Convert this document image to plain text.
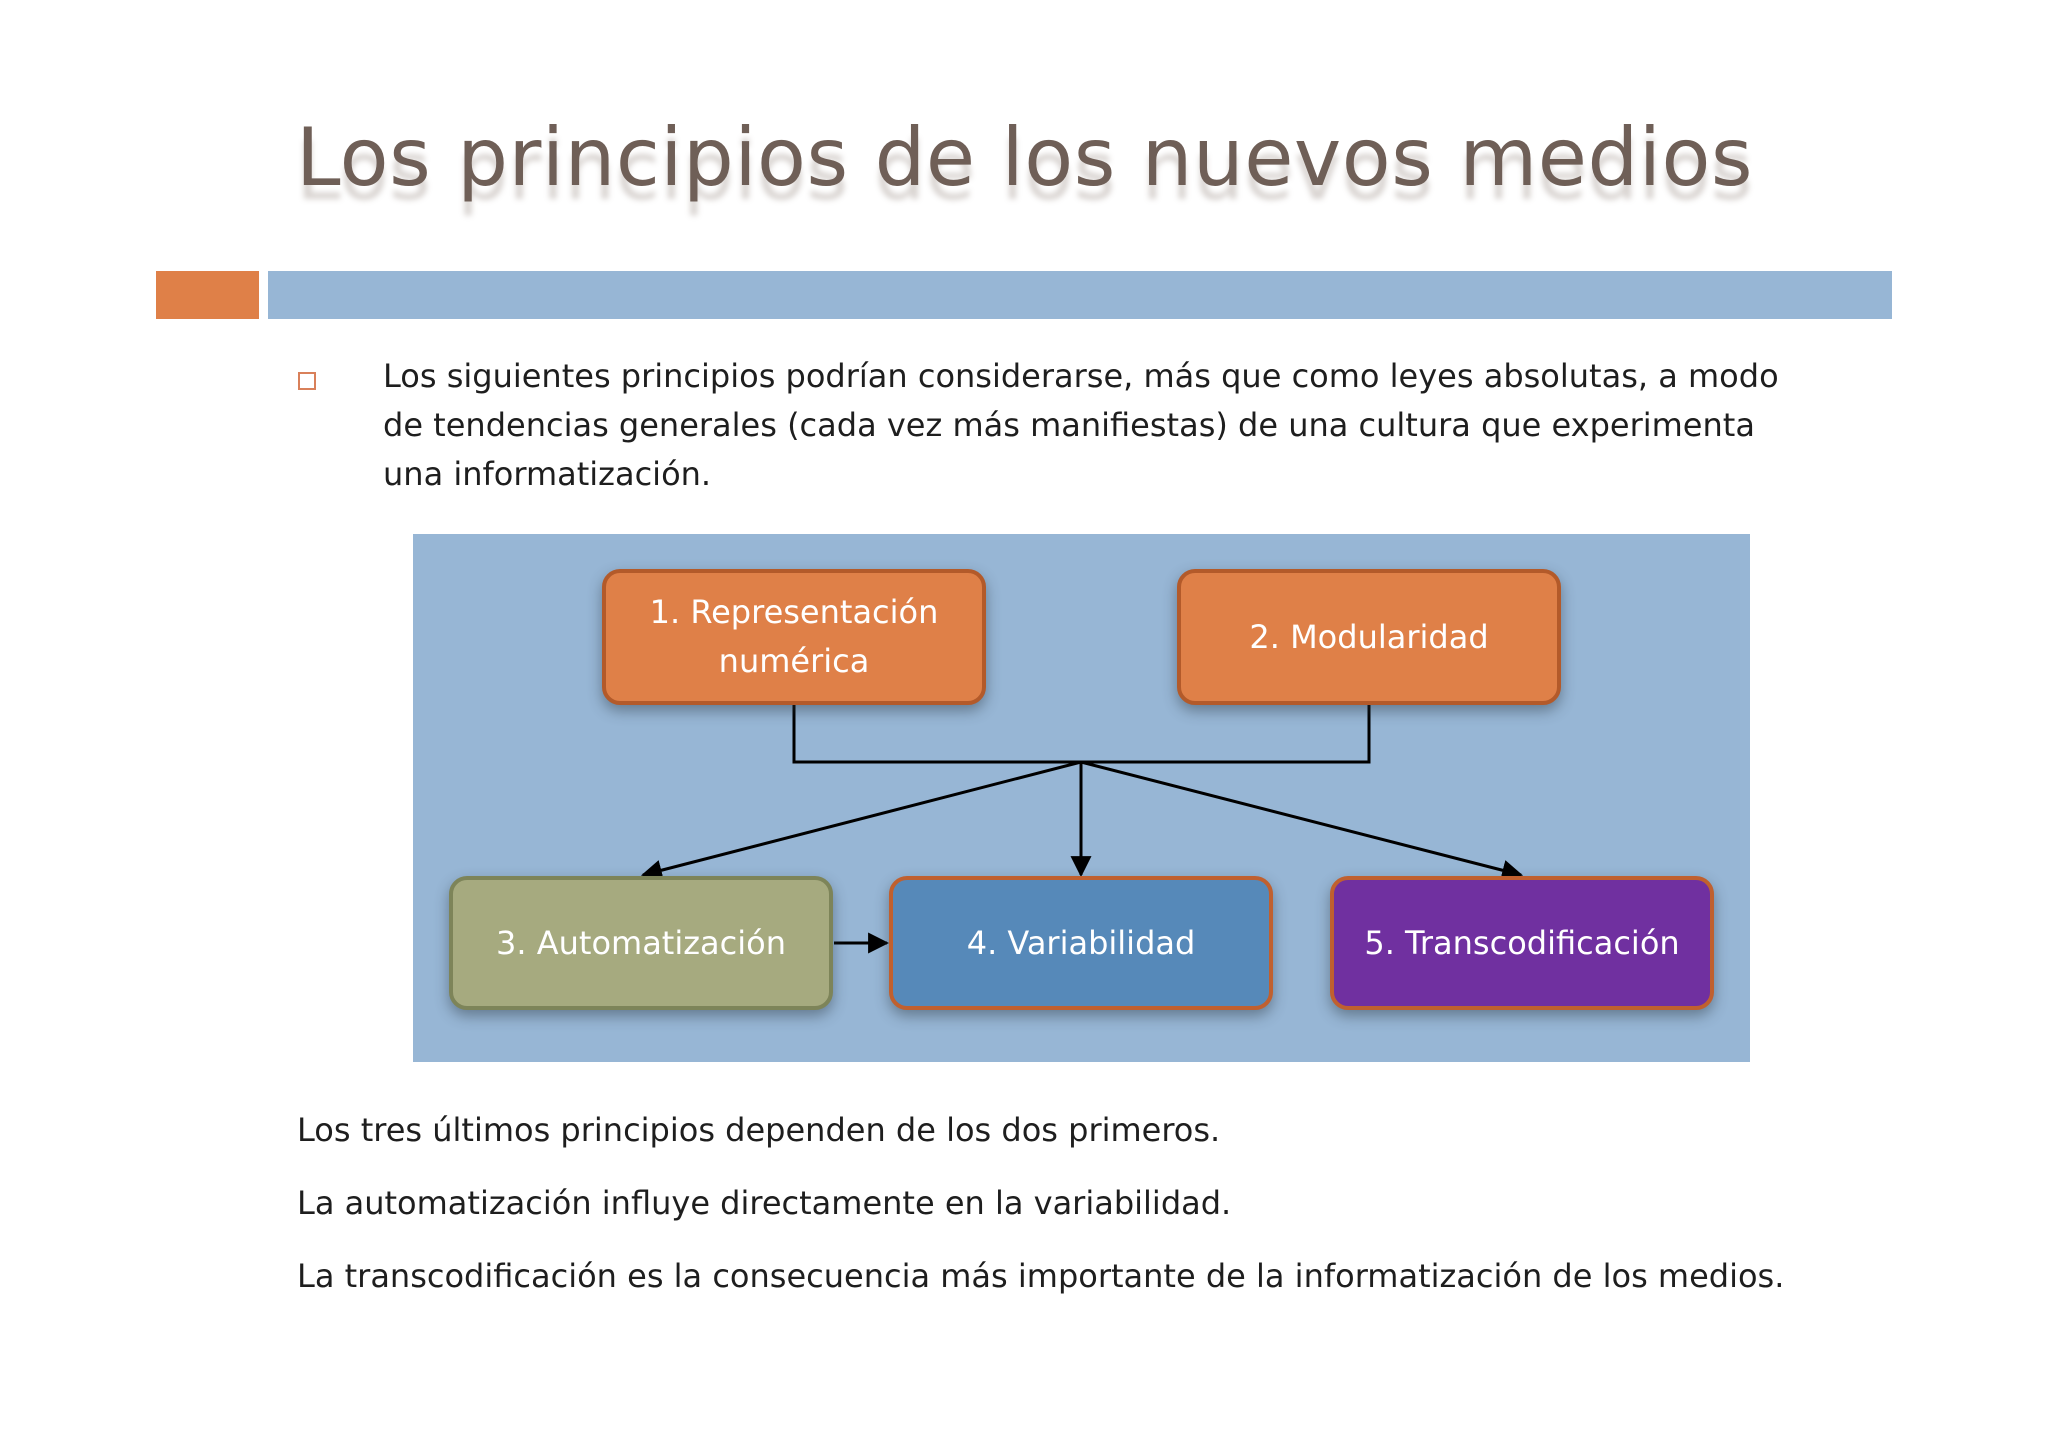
Los principios de los nuevos medios

Los siguientes principios podrían considerarse, más que como leyes absolutas, a modo de tendencias generales (cada vez más manifiestas) de una cultura que experimenta una informatización.

1. Representación numérica
2. Modularidad
3. Automatización	4. Variabilidad	5. Transcodificación

Los tres últimos principios dependen de los dos primeros.

La automatización influye directamente en la variabilidad.

La transcodificación es la consecuencia más importante de la informatización de los medios.
